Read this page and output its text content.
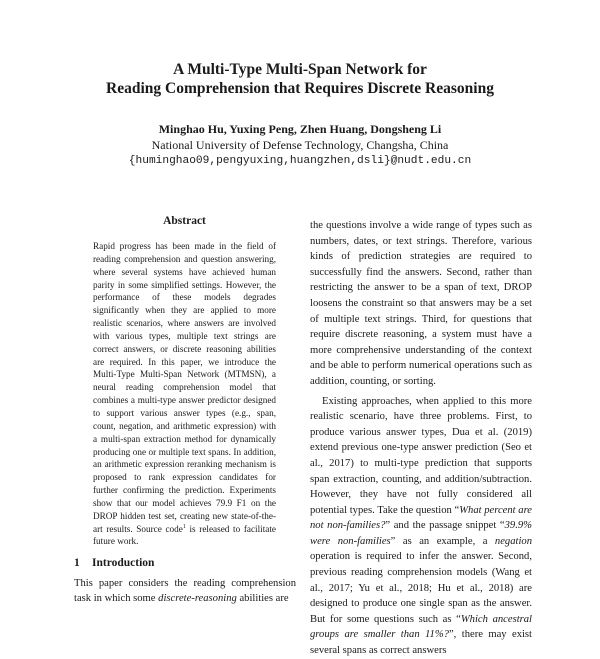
A Multi-Type Multi-Span Network for
Reading Comprehension that Requires Discrete Reasoning
Minghao Hu, Yuxing Peng, Zhen Huang, Dongsheng Li
National University of Defense Technology, Changsha, China
{huminghao09,pengyuxing,huangzhen,dsli}@nudt.edu.cn
Abstract
Rapid progress has been made in the field of reading comprehension and question answering, where several systems have achieved human parity in some simplified settings. However, the performance of these models degrades significantly when they are applied to more realistic scenarios, where answers are involved with various types, multiple text strings are correct answers, or discrete reasoning abilities are required. In this paper, we introduce the Multi-Type Multi-Span Network (MTMSN), a neural reading comprehension model that combines a multi-type answer predictor designed to support various answer types (e.g., span, count, negation, and arithmetic expression) with a multi-span extraction method for dynamically producing one or multiple text spans. In addition, an arithmetic expression reranking mechanism is proposed to rank expression candidates for further confirming the prediction. Experiments show that our model achieves 79.9 F1 on the DROP hidden test set, creating new state-of-the-art results. Source code$^1$ is released to facilitate future work.
1 Introduction
This paper considers the reading comprehension task in which some discrete-reasoning abilities are

the questions involve a wide range of types such as numbers, dates, or text strings. Therefore, various kinds of prediction strategies are required to successfully find the answers. Second, rather than restricting the answer to be a span of text, DROP loosens the constraint so that answers may be a set of multiple text strings. Third, for questions that require discrete reasoning, a system must have a more comprehensive understanding of the context and be able to perform numerical operations such as addition, counting, or sorting.

Existing approaches, when applied to this more realistic scenario, have three problems. First, to produce various answer types, Dua et al. (2019) extend previous one-type answer prediction (Seo et al., 2017) to multi-type prediction that supports span extraction, counting, and addition/subtraction. However, they have not fully considered all potential types. Take the question “What percent are not non-families?” and the passage snippet “39.9% were non-families” as an example, a negation operation is required to infer the answer. Second, previous reading comprehension models (Wang et al., 2017; Yu et al., 2018; Hu et al., 2018) are designed to produce one single span as the answer. But for some questions such as “Which ancestral groups are smaller than 11%?”, there may exist several spans as correct answers
